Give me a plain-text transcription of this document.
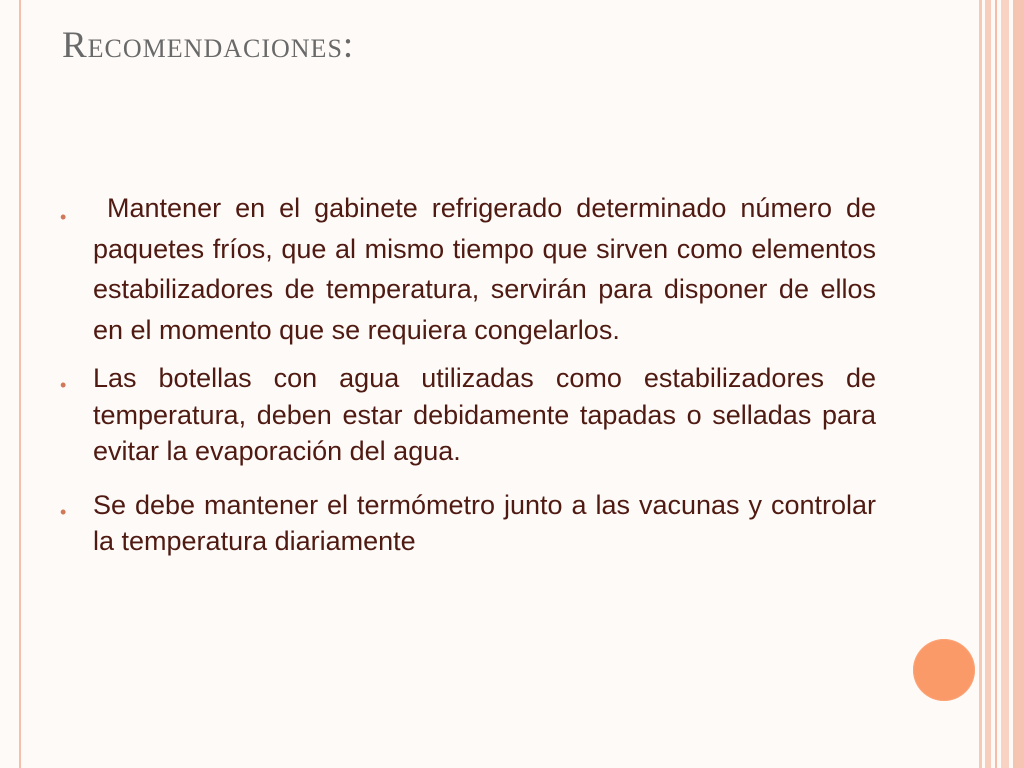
Recomendaciones:
• Mantener en el gabinete refrigerado determinado número de paquetes fríos, que al mismo tiempo que sirven como elementos estabilizadores de temperatura, servirán para disponer de ellos en el momento que se requiera congelarlos.
• Las botellas con agua utilizadas como estabilizadores de temperatura, deben estar debidamente tapadas o selladas para evitar la evaporación del agua.
• Se debe mantener el termómetro junto a las vacunas y controlar la temperatura diariamente
